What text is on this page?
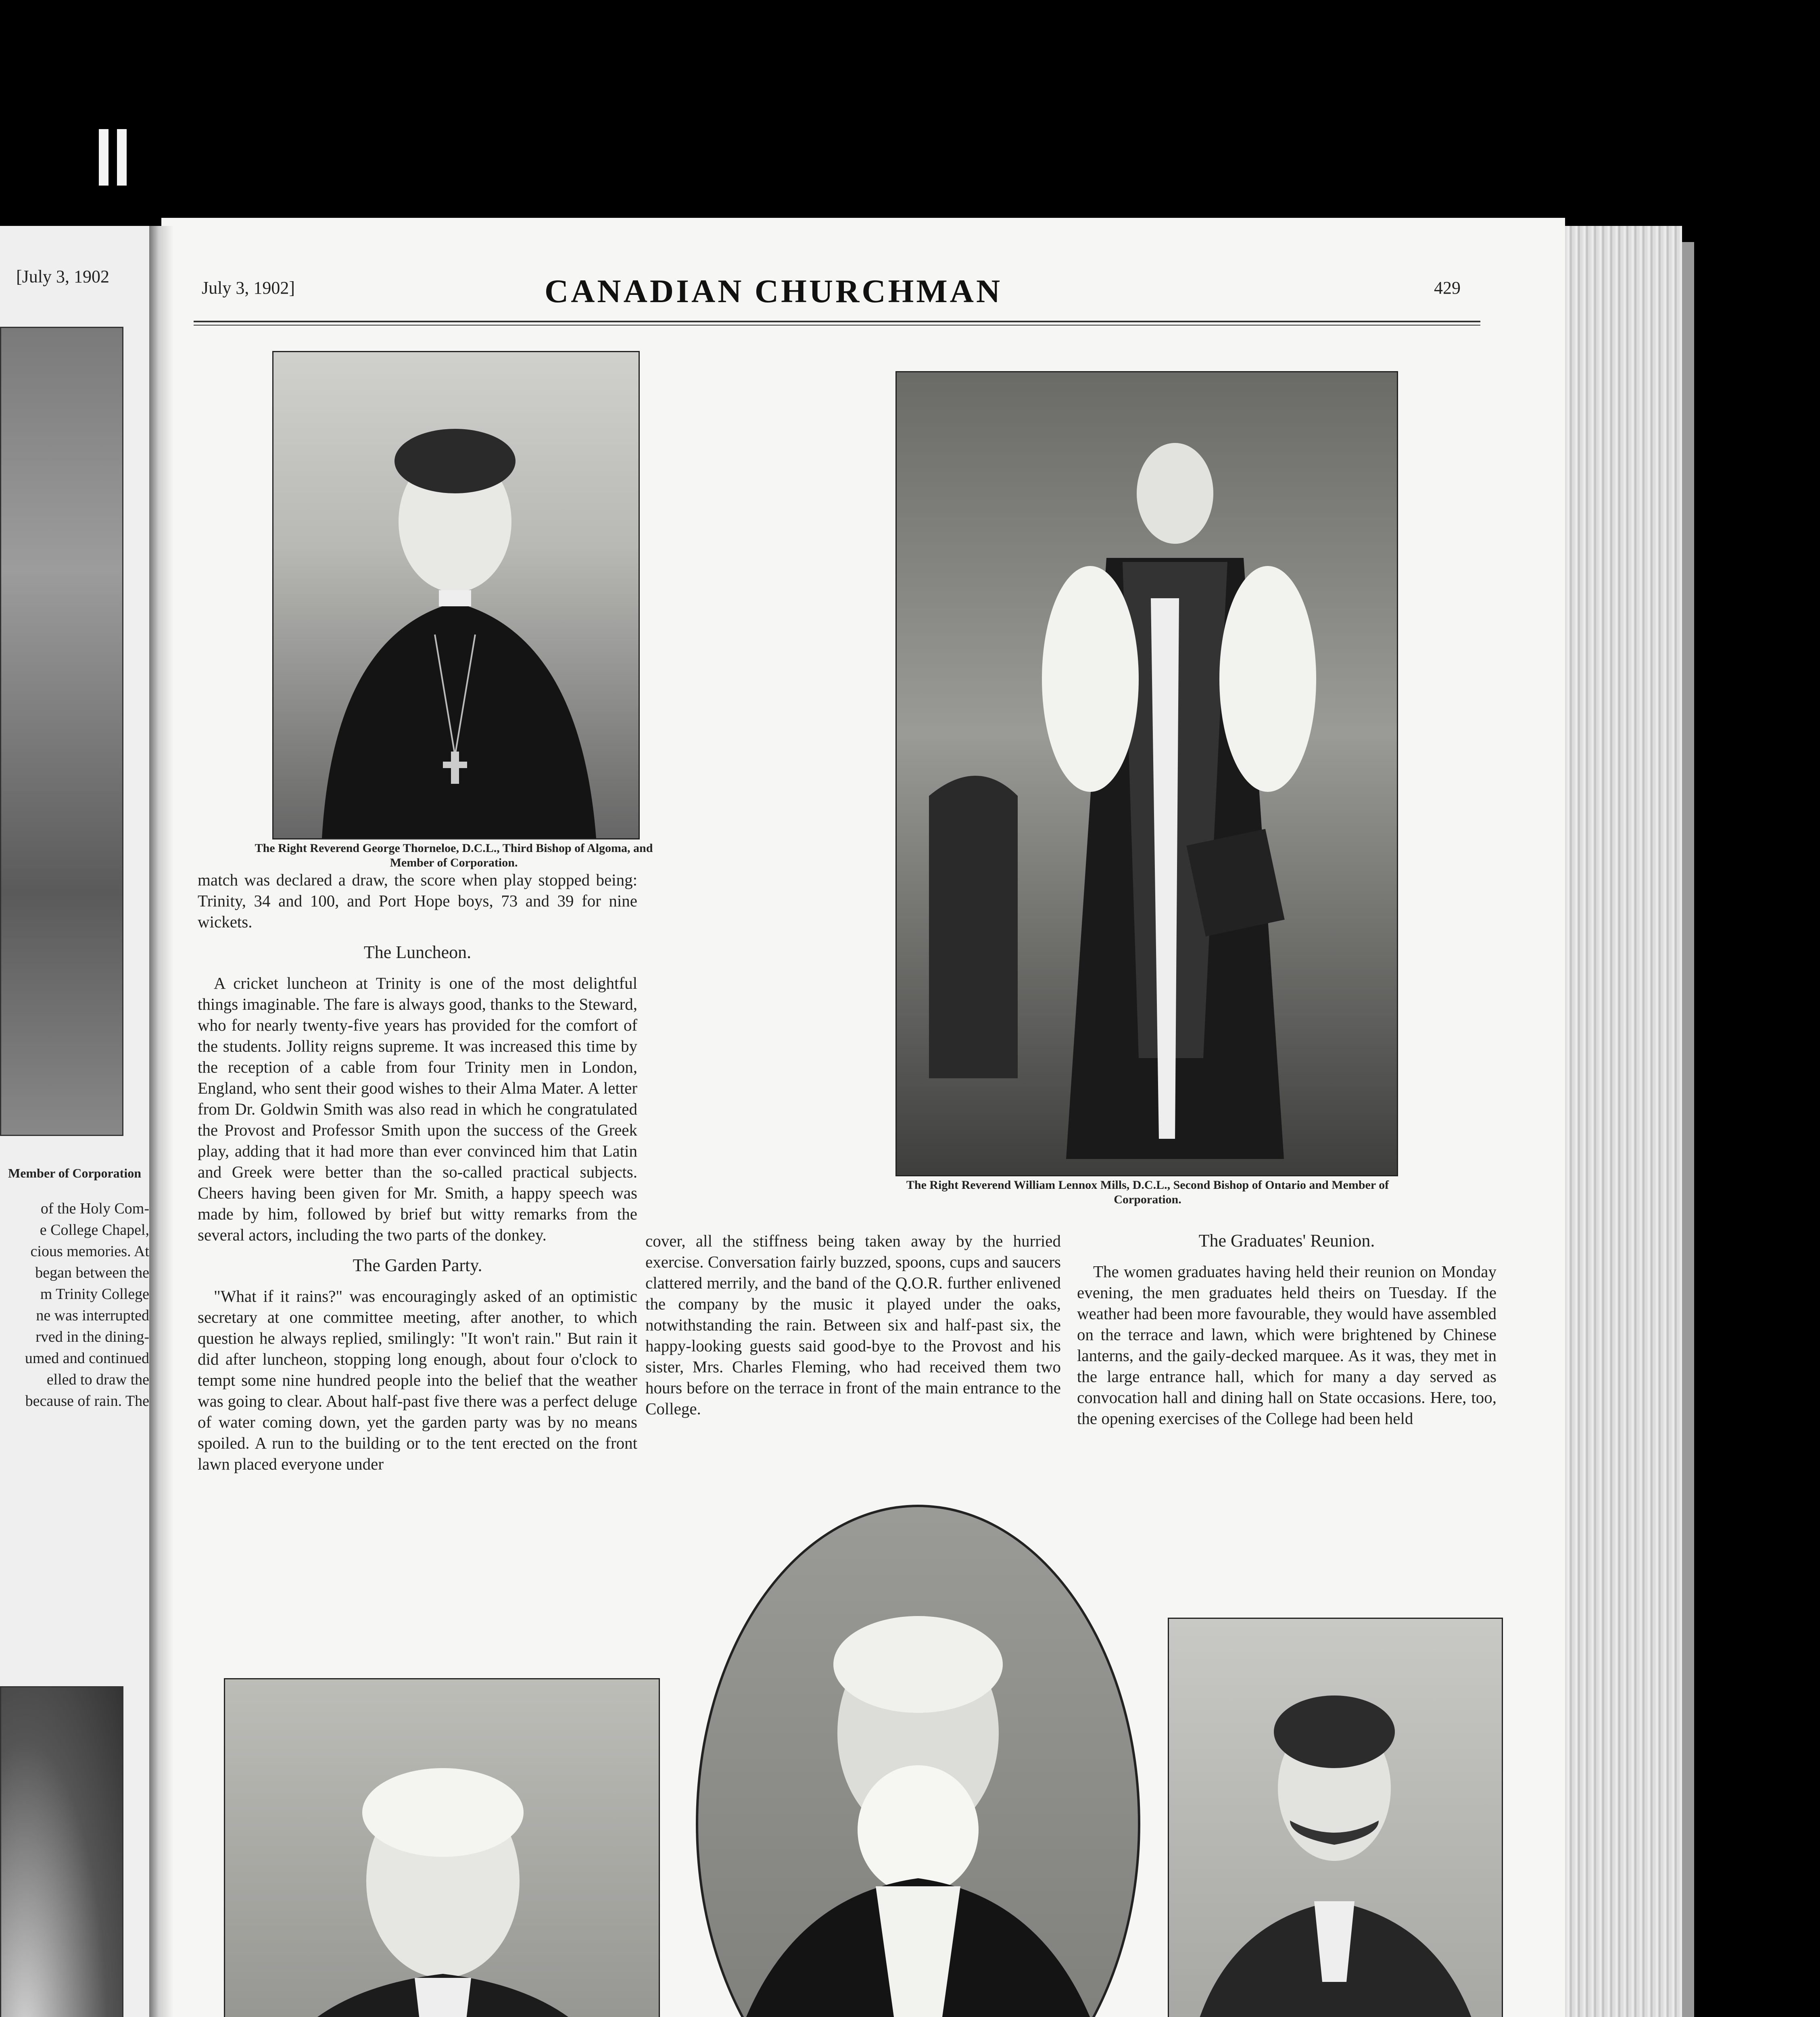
[July 3, 1902
Member of Corporation
of the Holy Com-
e College Chapel,
cious memories. At
began between the
m Trinity College
ne was interrupted
rved in the dining-
umed and continued
elled to draw the
because of rain. The
July 3, 1902]	CANADIAN CHURCHMAN	429
The Right Reverend George Thorneloe, D.C.L., Third Bishop of Algoma, and Member of Corporation.
The Right Reverend William Lennox Mills, D.C.L., Second Bishop of Ontario and Member of Corporation.

match was declared a draw, the score when play stopped being: Trinity, 34 and 100, and Port Hope boys, 73 and 39 for nine wickets.

The Luncheon.

A cricket luncheon at Trinity is one of the most delightful things imaginable. The fare is always good, thanks to the Steward, who for nearly twenty-five years has provided for the comfort of the students. Jollity reigns supreme. It was increased this time by the reception of a cable from four Trinity men in London, England, who sent their good wishes to their Alma Mater. A letter from Dr. Goldwin Smith was also read in which he congratulated the Provost and Professor Smith upon the success of the Greek play, adding that it had more than ever convinced him that Latin and Greek were better than the so-called practical subjects. Cheers having been given for Mr. Smith, a happy speech was made by him, followed by brief but witty remarks from the several actors, including the two parts of the donkey.

The Garden Party.

"What if it rains?" was encouragingly asked of an optimistic secretary at one committee meeting, after another, to which question he always replied, smilingly: "It won't rain." But rain it did after luncheon, stopping long enough, about four o'clock to tempt some nine hundred people into the belief that the weather was going to clear. About half-past five there was a perfect deluge of water coming down, yet the garden party was by no means spoiled. A run to the building or to the tent erected on the front lawn placed everyone under

cover, all the stiffness being taken away by the hurried exercise. Conversation fairly buzzed, spoons, cups and saucers clattered merrily, and the band of the Q.O.R. further enlivened the company by the music it played under the oaks, notwithstanding the rain. Between six and half-past six, the happy-looking guests said good-bye to the Provost and his sister, Mrs. Charles Fleming, who had received them two hours before on the terrace in front of the main entrance to the College.

The Graduates' Reunion.

The women graduates having held their reunion on Monday evening, the men graduates held theirs on Tuesday. If the weather had been more favourable, they would have assembled on the terrace and lawn, which were brightened by Chinese lanterns, and the gaily-decked marquee. As it was, they met in the large entrance hall, which for many a day served as convocation hall and dining hall on State occasions. Here, too, the opening exercises of the College had been held
